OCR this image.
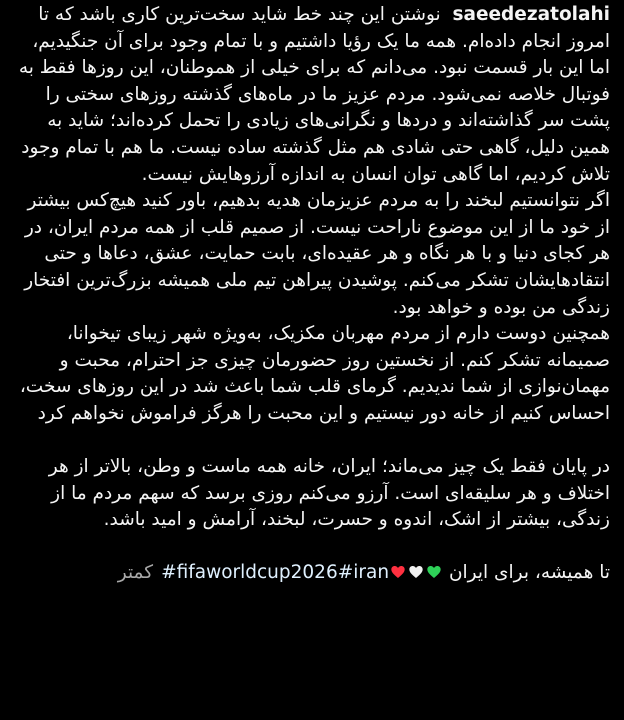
saeedezatolahi  نوشتن این چند خط شاید سخت‌ترین کاری باشد که تا امروز انجام داده‌ام. همه ما یک رؤیا داشتیم و با تمام وجود برای آن جنگیدیم، اما این بار قسمت نبود. می‌دانم که برای خیلی از هموطنان، این روزها فقط به فوتبال خلاصه نمی‌شود. مردم عزیز ما در ماه‌های گذشته روزهای سختی را پشت سر گذاشته‌اند و دردها و نگرانی‌های زیادی را تحمل کرده‌اند؛ شاید به همین دلیل، گاهی حتی شادی هم مثل گذشته ساده نیست. ما هم با تمام وجود تلاش کردیم، اما گاهی توان انسان به اندازه آرزوهایش نیست.

اگر نتوانستیم لبخند را به مردم عزیزمان هدیه بدهیم، باور کنید هیچ‌کس بیشتر از خود ما از این موضوع ناراحت نیست. از صمیم قلب از همه مردم ایران، در هر کجای دنیا و با هر نگاه و هر عقیده‌ای، بابت حمایت، عشق، دعاها و حتی انتقادهایشان تشکر می‌کنم. پوشیدن پیراهن تیم ملی همیشه بزرگ‌ترین افتخار زندگی من بوده و خواهد بود.

همچنین دوست دارم از مردم مهربان مکزیک، به‌ویژه شهر زیبای تیخوانا، صمیمانه تشکر کنم. از نخستین روز حضورمان چیزی جز احترام، محبت و مهمان‌نوازی از شما ندیدیم. گرمای قلب شما باعث شد در این روزهای سخت، احساس کنیم از خانه دور نیستیم و این محبت را هرگز فراموش نخواهم کرد

در پایان فقط یک چیز می‌ماند؛ ایران، خانه همه ماست و وطن، بالاتر از هر اختلاف و هر سلیقه‌ای است. آرزو می‌کنم روزی برسد که سهم مردم ما از زندگی، بیشتر از اشک، اندوه و حسرت، لبخند، آرامش و امید باشد.

تا همیشه، برای ایران #iran#fifaworldcup2026کمتر
